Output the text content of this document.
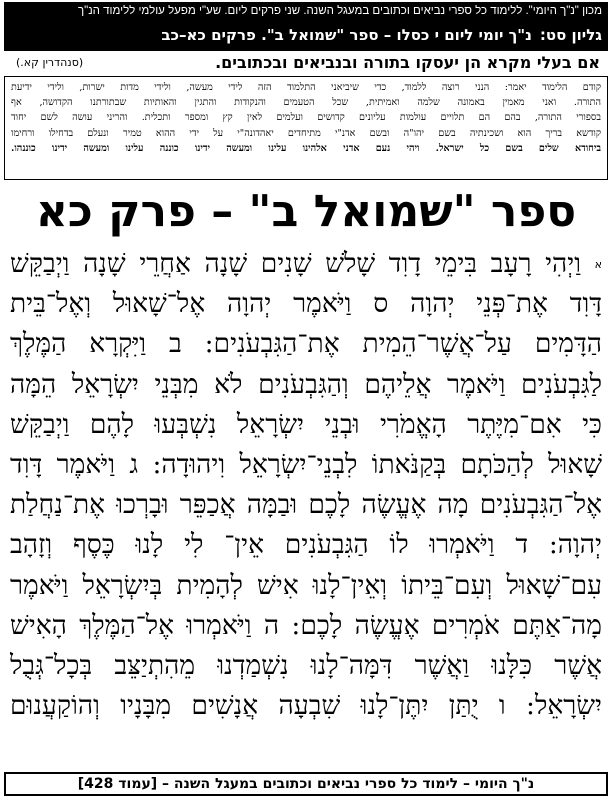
מכון "נ"ך היומי". ללימוד כל ספרי נביאים וכתובים במעגל השנה. שני פרקים ליום. שע"י מפעל עולמי ללימוד הנ"ך
גליון סט:נ"ך יומי ליום י כסלו – ספר "שמואל ב". פרקים כא–כב
אם בעלי מקרא הן יעסקו בתורה ובנביאים ובכתובים.
(סנהדרין קא.)
קודם הלימוד יאמר: הנני רוצה ללמוד, כדי שיביאני התלמוד הזה לידי מעשה, ולידי מדות ישרות, ולידי ידיעת
התורה. ואני מאמין באמונה שלמה ואמיתית, שכל הטעמים והנקודות והתגין והאותיות שבתורתנו הקדושה, אף
בספורי התורה, בהם הם תלויים עולמות עליונים קדושים ועלמים לאין קץ ומספר ותכלית. והריני עושה לשם יחוד
קודשא בריך הוא ושכינתיה בשם יהו"ה ובשם אדנ"י מתיחדים יאהדונה"י על ידי ההוא טמיר ונעלם בדחילו ורחימו
ביחודא שלים בשם כל ישראל. ויהי נעם אדני אלהינו עלינו ומעשה ידינו כוננה עלינו ומעשה ידינו כוננהו.
ספר "שמואל ב" – פרק כא
א וַיְהִי רָעָב בִּימֵי דָוִד שָׁלֹשׁ שָׁנִים שָׁנָה אַחֲרֵי שָׁנָה וַיְבַקֵּשׁ
דָּוִד אֶת־פְּנֵי יְהוָה ס וַיֹּאמֶר יְהוָה אֶל־שָׁאוּל וְאֶל־בֵּית
הַדָּמִים עַל־אֲשֶׁר־הֵמִית אֶת־הַגִּבְעֹנִים: ב וַיִּקְרָא הַמֶּלֶךְ
לַגִּבְעֹנִים וַיֹּאמֶר אֲלֵיהֶם וְהַגִּבְעֹנִים לֹא מִבְּנֵי יִשְׂרָאֵל הֵמָּה
כִּי אִם־מִיֶּתֶר הָאֱמֹרִי וּבְנֵי יִשְׂרָאֵל נִשְׁבְּעוּ לָהֶם וַיְבַקֵּשׁ
שָׁאוּל לְהַכֹּתָם בְּקַנֹּאתוֹ לִבְנֵי־יִשְׂרָאֵל וִיהוּדָה: ג וַיֹּאמֶר דָּוִד
אֶל־הַגִּבְעֹנִים מָה אֶעֱשֶׂה לָכֶם וּבַמָּה אֲכַפֵּר וּבָרְכוּ אֶת־נַחֲלַת
יְהוָה: ד וַיֹּאמְרוּ לוֹ הַגִּבְעֹנִים אֵין־ לִי לָנוּ כֶּסֶף וְזָהָב
עִם־שָׁאוּל וְעִם־בֵּיתוֹ וְאֵין־לָנוּ אִישׁ לְהָמִית בְּיִשְׂרָאֵל וַיֹּאמֶר
מָה־אַתֶּם אֹמְרִים אֶעֱשֶׂה לָכֶם: ה וַיֹּאמְרוּ אֶל־הַמֶּלֶךְ הָאִישׁ
אֲשֶׁר כִּלָּנוּ וַאֲשֶׁר דִּמָּה־לָנוּ נִשְׁמַדְנוּ מֵהִתְיַצֵּב בְּכָל־גְּבֻל
יִשְׂרָאֵל: ו יֻתַּן יִתֶּן־לָנוּ שִׁבְעָה אֲנָשִׁים מִבָּנָיו וְהוֹקַעֲנוּם
נ"ך היומי – לימוד כל ספרי נביאים וכתובים במעגל השנה – [עמוד 428]
